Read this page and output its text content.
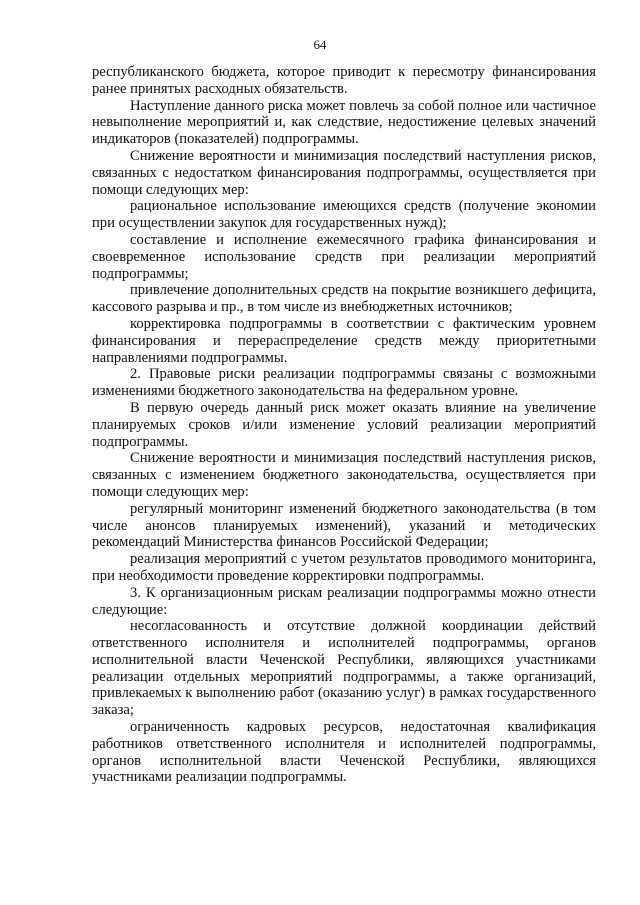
64

республиканского бюджета, которое приводит к пересмотру финансирования ранее принятых расходных обязательств.

Наступление данного риска может повлечь за собой полное или частичное невыполнение мероприятий и, как следствие, недостижение целевых значений индикаторов (показателей) подпрограммы.

Снижение вероятности и минимизация последствий наступления рисков, связанных с недостатком финансирования подпрограммы, осуществляется при помощи следующих мер:

рациональное использование имеющихся средств (получение экономии при осуществлении закупок для государственных нужд);

составление и исполнение ежемесячного графика финансирования и своевременное использование средств при реализации мероприятий подпрограммы;

привлечение дополнительных средств на покрытие возникшего дефицита, кассового разрыва и пр., в том числе из внебюджетных источников;

корректировка подпрограммы в соответствии с фактическим уровнем финансирования и перераспределение средств между приоритетными направлениями подпрограммы.

2. Правовые риски реализации подпрограммы связаны с возможными изменениями бюджетного законодательства на федеральном уровне.

В первую очередь данный риск может оказать влияние на увеличение планируемых сроков и/или изменение условий реализации мероприятий подпрограммы.

Снижение вероятности и минимизация последствий наступления рисков, связанных с изменением бюджетного законодательства, осуществляется при помощи следующих мер:

регулярный мониторинг изменений бюджетного законодательства (в том числе анонсов планируемых изменений), указаний и методических рекомендаций Министерства финансов Российской Федерации;

реализация мероприятий с учетом результатов проводимого мониторинга, при необходимости проведение корректировки подпрограммы.

3. К организационным рискам реализации подпрограммы можно отнести следующие:

несогласованность и отсутствие должной координации действий ответственного исполнителя и исполнителей подпрограммы, органов исполнительной власти Чеченской Республики, являющихся участниками реализации отдельных мероприятий подпрограммы, а также организаций, привлекаемых к выполнению работ (оказанию услуг) в рамках государственного заказа;

ограниченность кадровых ресурсов, недостаточная квалификация работников ответственного исполнителя и исполнителей подпрограммы, органов исполнительной власти Чеченской Республики, являющихся участниками реализации подпрограммы.
